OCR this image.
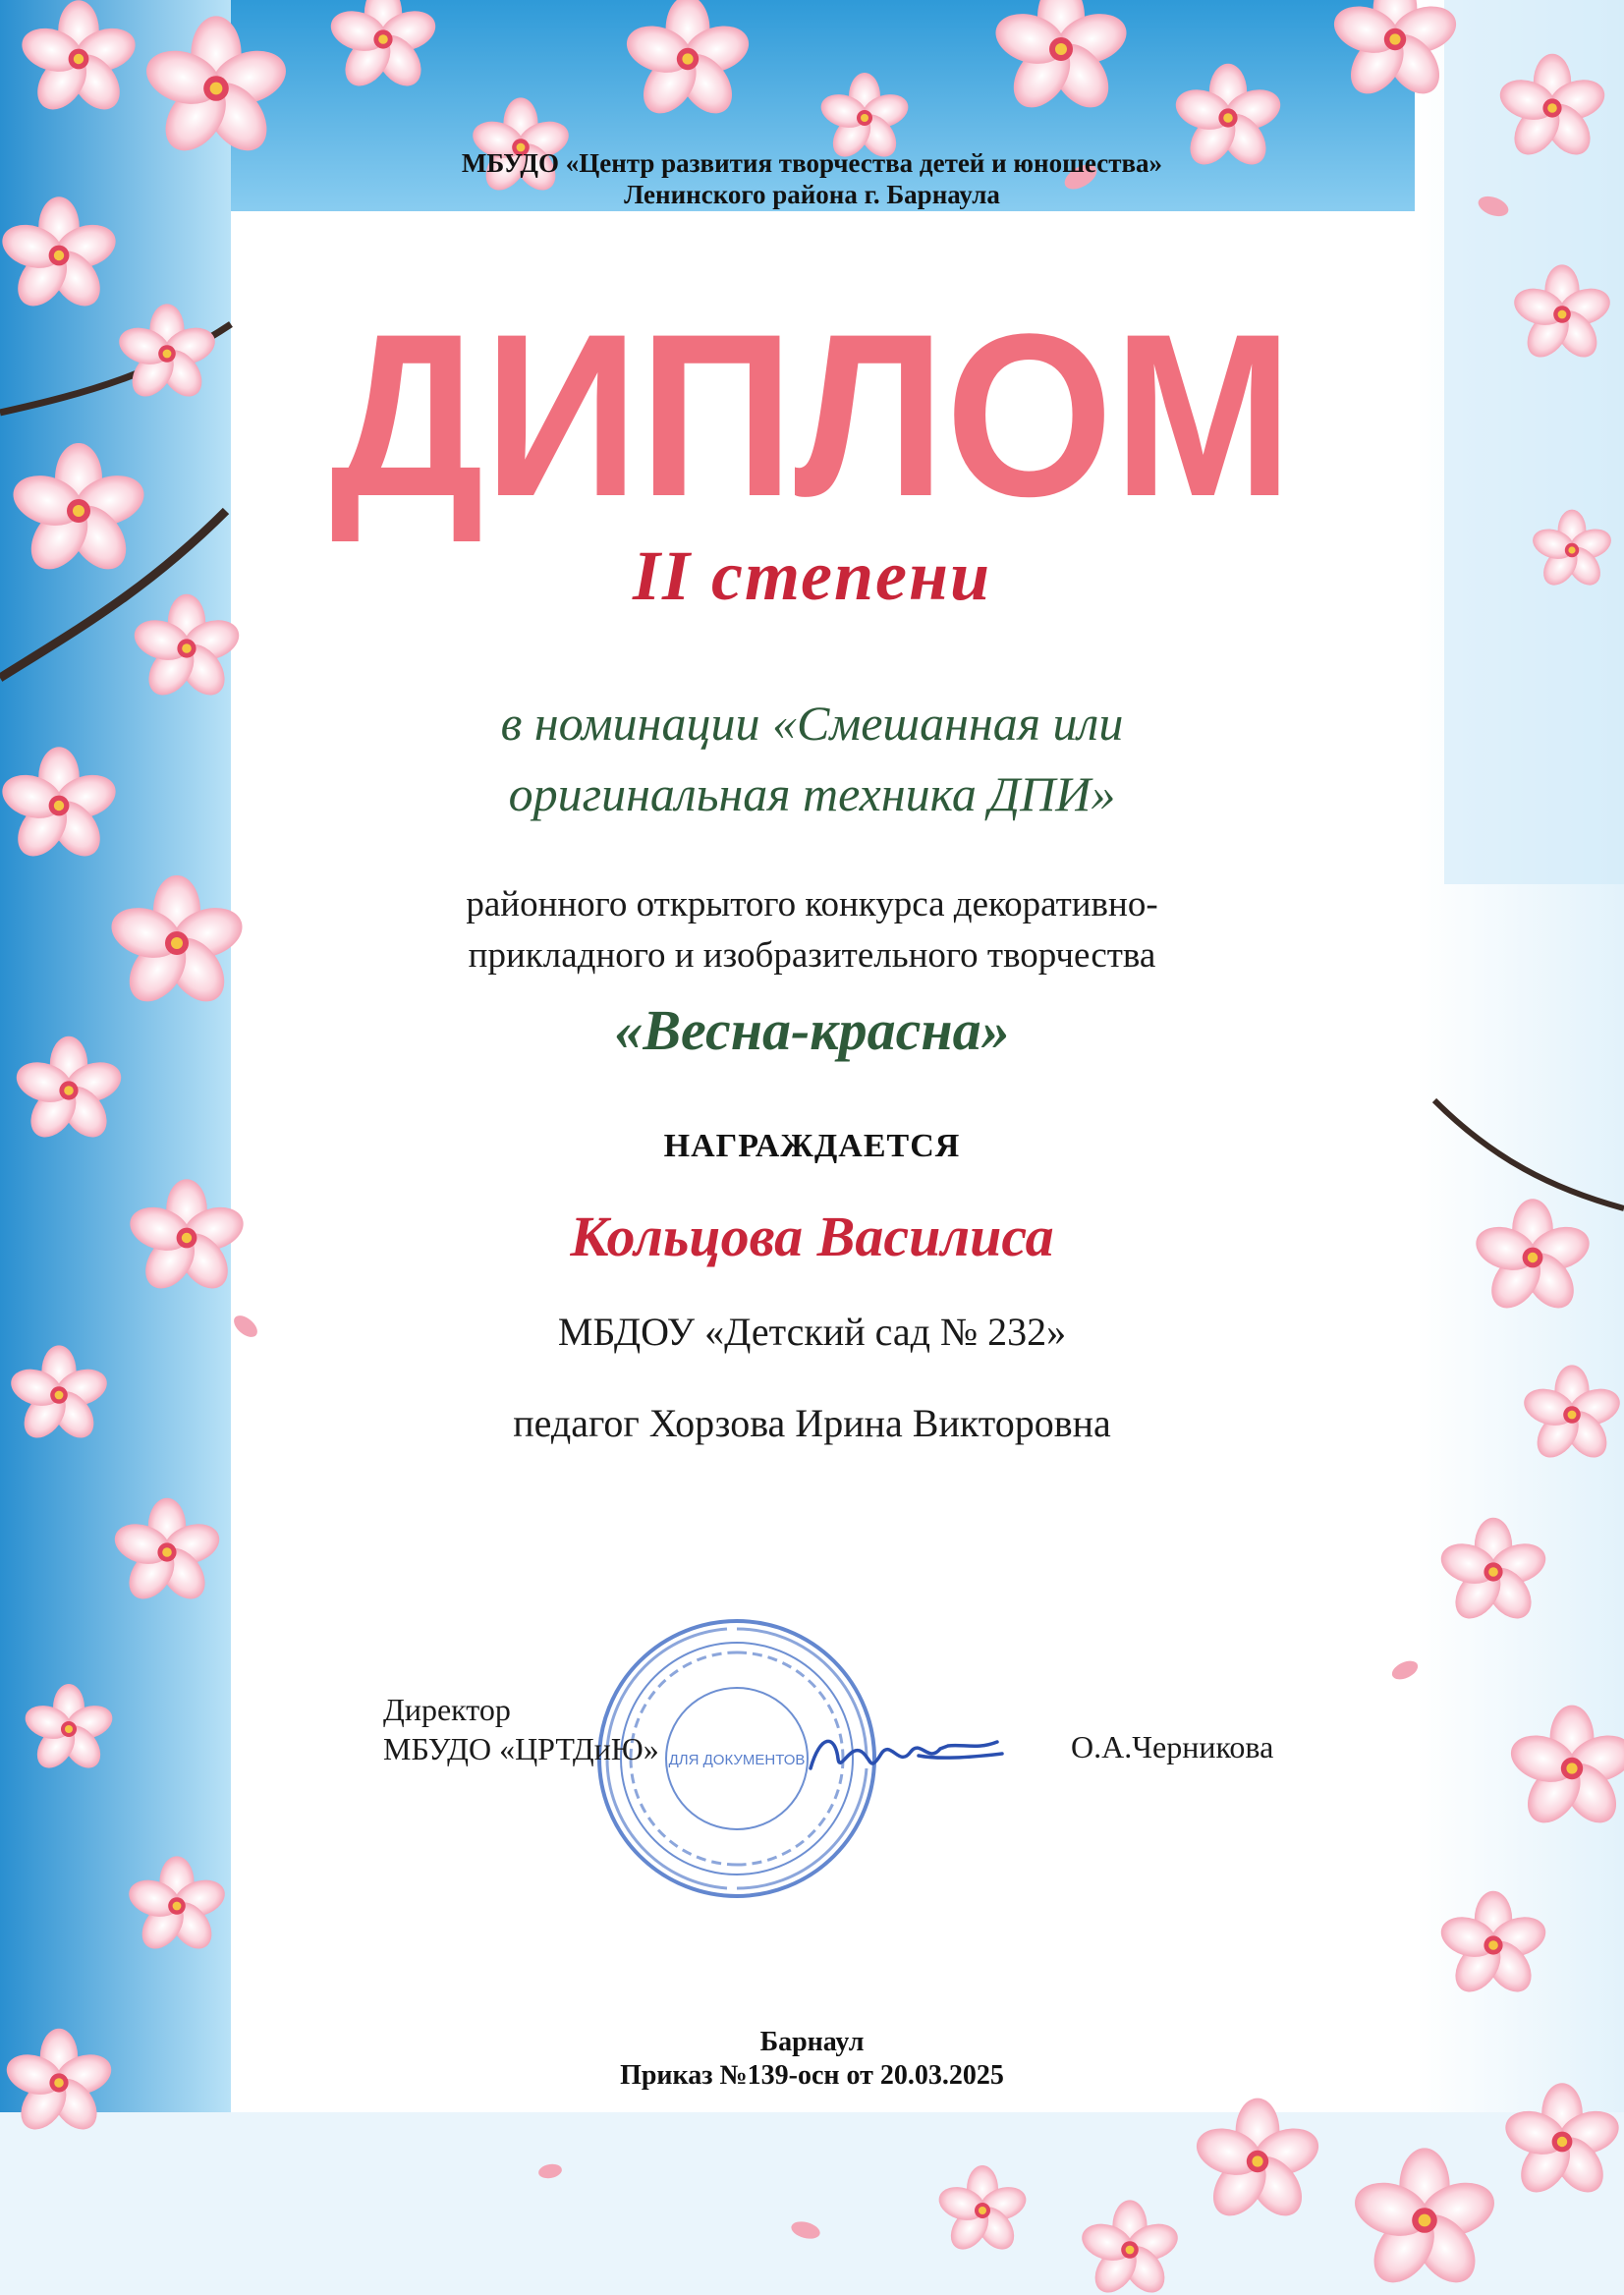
МБУДО «Центр развития творчества детей и юношества»
Ленинского района г. Барнаула
ДИПЛОМ
II степени
в номинации «Смешанная или
оригинальная техника ДПИ»
районного открытого конкурса декоративно-
прикладного и изобразительного творчества
«Весна-красна»
НАГРАЖДАЕТСЯ
Кольцова Василиса
МБДОУ «Детский сад № 232»
педагог Хорзова Ирина Викторовна
ДЛЯ ДОКУМЕНТОВ
Директор
МБУДО «ЦРТДиЮ»	О.А.Черникова
Барнаул
Приказ №139-осн от 20.03.2025
